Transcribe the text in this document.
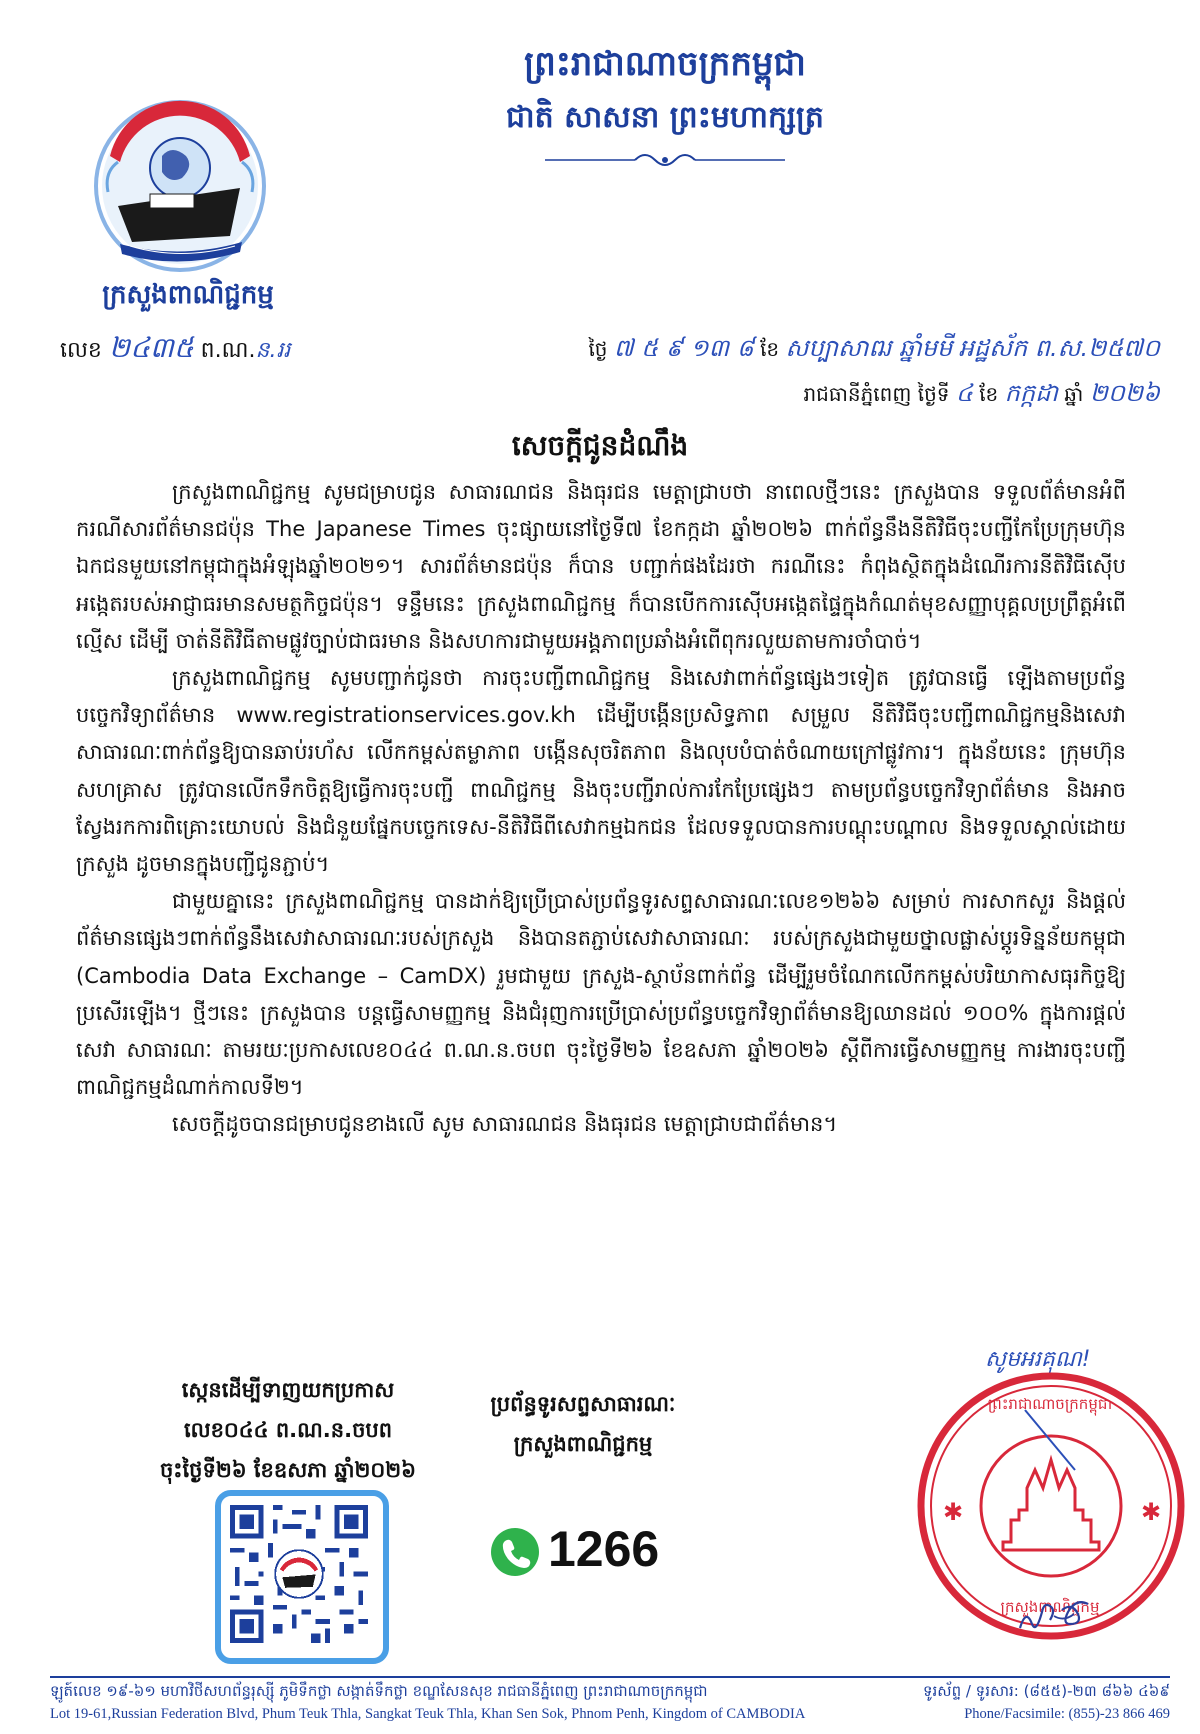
ព្រះរាជាណាចក្រកម្ពុជា
ជាតិ សាសនា ព្រះមហាក្សត្រ
ក្រសួងពាណិជ្ជកម្ម
លេខ ២៤៣៥ ព.ណ.ន.ររ	ថ្ងៃ ៧ ៥ ៩ ១៣ ៨ ខែ សប្បាសាឍ ឆ្នាំមមី អដ្ឋស័ក ព.ស.២៥៧០
រាជធានីភ្នំពេញ ថ្ងៃទី ៤ ខែ កក្កដា ឆ្នាំ ២០២៦
សេចក្តីជូនដំណឹង

ក្រសួងពាណិជ្ជកម្ម សូមជម្រាបជូន សាធារណជន និងធុរជន មេត្តាជ្រាបថា នាពេលថ្មីៗនេះ ក្រសួងបាន ទទួលព័ត៌មានអំពីករណីសារព័ត៌មានជប៉ុន The Japanese Times ចុះផ្សាយនៅថ្ងៃទី៧ ខែកក្កដា ឆ្នាំ២០២៦ ពាក់ព័ន្ធនឹងនីតិវិធីចុះបញ្ជីកែប្រែក្រុមហ៊ុនឯកជនមួយនៅកម្ពុជាក្នុងអំឡុងឆ្នាំ២០២១។ សារព័ត៌មានជប៉ុន ក៏បាន បញ្ជាក់ផងដែរថា ករណីនេះ កំពុងស្ថិតក្នុងដំណើរការនីតិវិធីស៊ើបអង្កេតរបស់អាជ្ញាធរមានសមត្ថកិច្ចជប៉ុន។ ទន្ទឹមនេះ ក្រសួងពាណិជ្ជកម្ម ក៏បានបើកការស៊ើបអង្កេតផ្ទៃក្នុងកំណត់មុខសញ្ញាបុគ្គលប្រព្រឹត្តអំពើល្មើស ដើម្បី ចាត់នីតិវិធីតាមផ្លូវច្បាប់ជាធរមាន និងសហការជាមួយអង្គភាពប្រឆាំងអំពើពុករលួយតាមការចាំបាច់។

ក្រសួងពាណិជ្ជកម្ម សូមបញ្ជាក់ជូនថា ការចុះបញ្ជីពាណិជ្ជកម្ម និងសេវាពាក់ព័ន្ធផ្សេងៗទៀត ត្រូវបានធ្វើ ឡើងតាមប្រព័ន្ធបច្ចេកវិទ្យាព័ត៌មាន www.registrationservices.gov.kh ដើម្បីបង្កើនប្រសិទ្ធភាព សម្រួល នីតិវិធីចុះបញ្ជីពាណិជ្ជកម្មនិងសេវាសាធារណៈពាក់ព័ន្ធឱ្យបានឆាប់រហ័ស លើកកម្ពស់តម្លាភាព បង្កើនសុចរិតភាព និងលុបបំបាត់ចំណាយក្រៅផ្លូវការ។ ក្នុងន័យនេះ ក្រុមហ៊ុន សហគ្រាស ត្រូវបានលើកទឹកចិត្តឱ្យធ្វើការចុះបញ្ជី ពាណិជ្ជកម្ម និងចុះបញ្ជីរាល់ការកែប្រែផ្សេងៗ តាមប្រព័ន្ធបច្ចេកវិទ្យាព័ត៌មាន និងអាចស្វែងរកការពិគ្រោះយោបល់ និងជំនួយផ្នែកបច្ចេកទេស-នីតិវិធីពីសេវាកម្មឯកជន ដែលទទួលបានការបណ្តុះបណ្តាល និងទទួលស្គាល់ដោយ ក្រសួង ដូចមានក្នុងបញ្ជីជូនភ្ជាប់។

ជាមួយគ្នានេះ ក្រសួងពាណិជ្ជកម្ម បានដាក់ឱ្យប្រើប្រាស់ប្រព័ន្ធទូរសព្ទសាធារណៈលេខ១២៦៦ សម្រាប់ ការសាកសួរ និងផ្តល់ព័ត៌មានផ្សេងៗពាក់ព័ន្ធនឹងសេវាសាធារណៈរបស់ក្រសួង និងបានតភ្ជាប់សេវាសាធារណៈ របស់ក្រសួងជាមួយថ្នាលផ្លាស់ប្តូរទិន្នន័យកម្ពុជា (Cambodia Data Exchange – CamDX) រួមជាមួយ ក្រសួង-ស្ថាប័នពាក់ព័ន្ធ ដើម្បីរួមចំណែកលើកកម្ពស់បរិយាកាសធុរកិច្ចឱ្យប្រសើរឡើង។ ថ្មីៗនេះ ក្រសួងបាន បន្តធ្វើសាមញ្ញកម្ម និងជំរុញការប្រើប្រាស់ប្រព័ន្ធបច្ចេកវិទ្យាព័ត៌មានឱ្យឈានដល់ ១០០% ក្នុងការផ្តល់សេវា សាធារណៈ តាមរយៈប្រកាសលេខ០៤៤ ព.ណ.ន.ចបព ចុះថ្ងៃទី២៦ ខែឧសភា ឆ្នាំ២០២៦ ស្តីពីការធ្វើសាមញ្ញកម្ម ការងារចុះបញ្ជីពាណិជ្ជកម្មដំណាក់កាលទី២។

សេចក្តីដូចបានជម្រាបជូនខាងលើ សូម សាធារណជន និងធុរជន មេត្តាជ្រាបជាព័ត៌មាន។

ស្កេនដើម្បីទាញយកប្រកាស
លេខ០៤៤ ព.ណ.ន.ចបព
ចុះថ្ងៃទី២៦ ខែឧសភា ឆ្នាំ២០២៦
ប្រព័ន្ធទូរសព្ទសាធារណៈ
ក្រសួងពាណិជ្ជកម្ម
1266
សូមអរគុណ!
✱	✱
ព្រះរាជាណាចក្រកម្ពុជា
ក្រសួងពាណិជ្ជកម្ម
ឡូត៍លេខ ១៩-៦១ មហាវិថីសហព័ន្ធរុស្ស៊ី ភូមិទឹកថ្លា សង្កាត់ទឹកថ្លា ខណ្ឌសែនសុខ រាជធានីភ្នំពេញ ព្រះរាជាណាចក្រកម្ពុជា	ទូរស័ព្ទ / ទូរសារ: (៨៥៥)-២៣ ៨៦៦ ៤៦៩
Lot 19-61,Russian Federation Blvd, Phum Teuk Thla, Sangkat Teuk Thla, Khan Sen Sok, Phnom Penh, Kingdom of CAMBODIA	Phone/Facsimile: (855)-23 866 469
